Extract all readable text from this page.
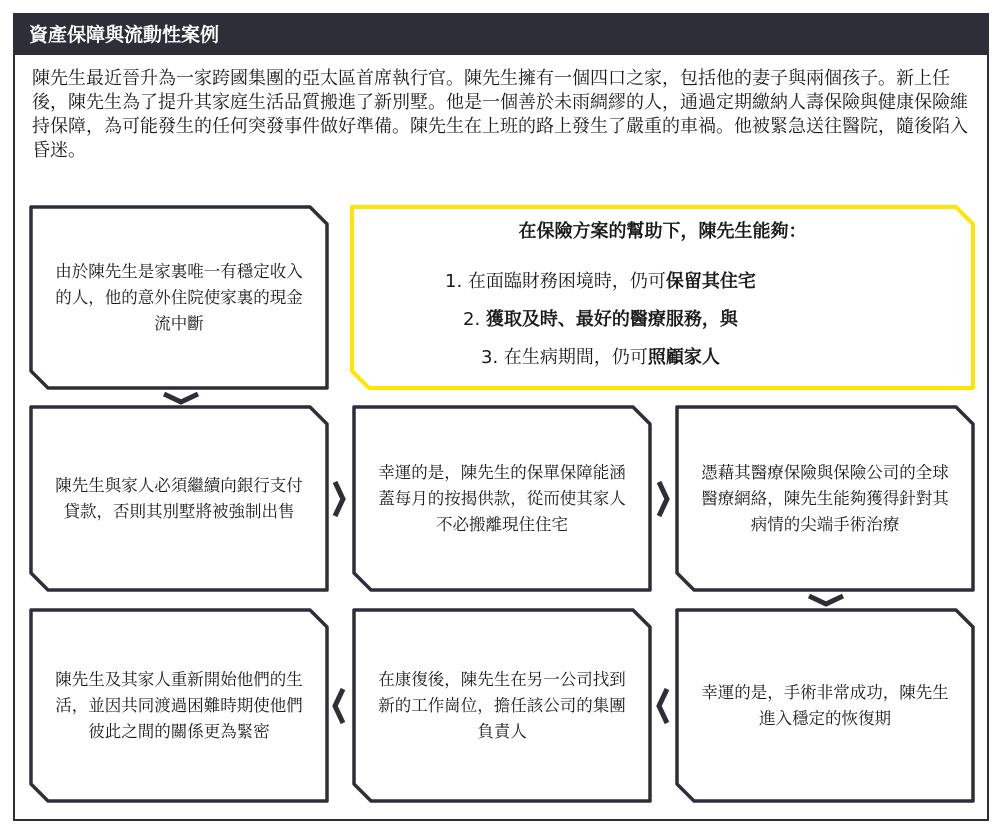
資產保障與流動性案例

陳先生最近晉升為一家跨國集團的亞太區首席執行官。陳先生擁有一個四口之家，包括他的妻子與兩個孩子。新上任後，陳先生為了提升其家庭生活品質搬進了新別墅。他是一個善於未雨綢繆的人，通過定期繳納人壽保險與健康保險維持保障，為可能發生的任何突發事件做好準備。陳先生在上班的路上發生了嚴重的車禍。他被緊急送往醫院，隨後陷入昏迷。

由於陳先生是家裏唯一有穩定收入的人，他的意外住院使家裏的現金流中斷
在保險方案的幫助下，陳先生能夠：
1. 在面臨財務困境時，仍可保留其住宅
2. 獲取及時、最好的醫療服務，與
3. 在生病期間，仍可照顧家人
陳先生與家人必須繼續向銀行支付貸款，否則其別墅將被強制出售
幸運的是，陳先生的保單保障能涵蓋每月的按揭供款，從而使其家人不必搬離現住住宅
憑藉其醫療保險與保險公司的全球醫療網絡，陳先生能夠獲得針對其病情的尖端手術治療
陳先生及其家人重新開始他們的生活，並因共同渡過困難時期使他們彼此之間的關係更為緊密
在康復後，陳先生在另一公司找到新的工作崗位，擔任該公司的集團負責人
幸運的是，手術非常成功，陳先生進入穩定的恢復期
